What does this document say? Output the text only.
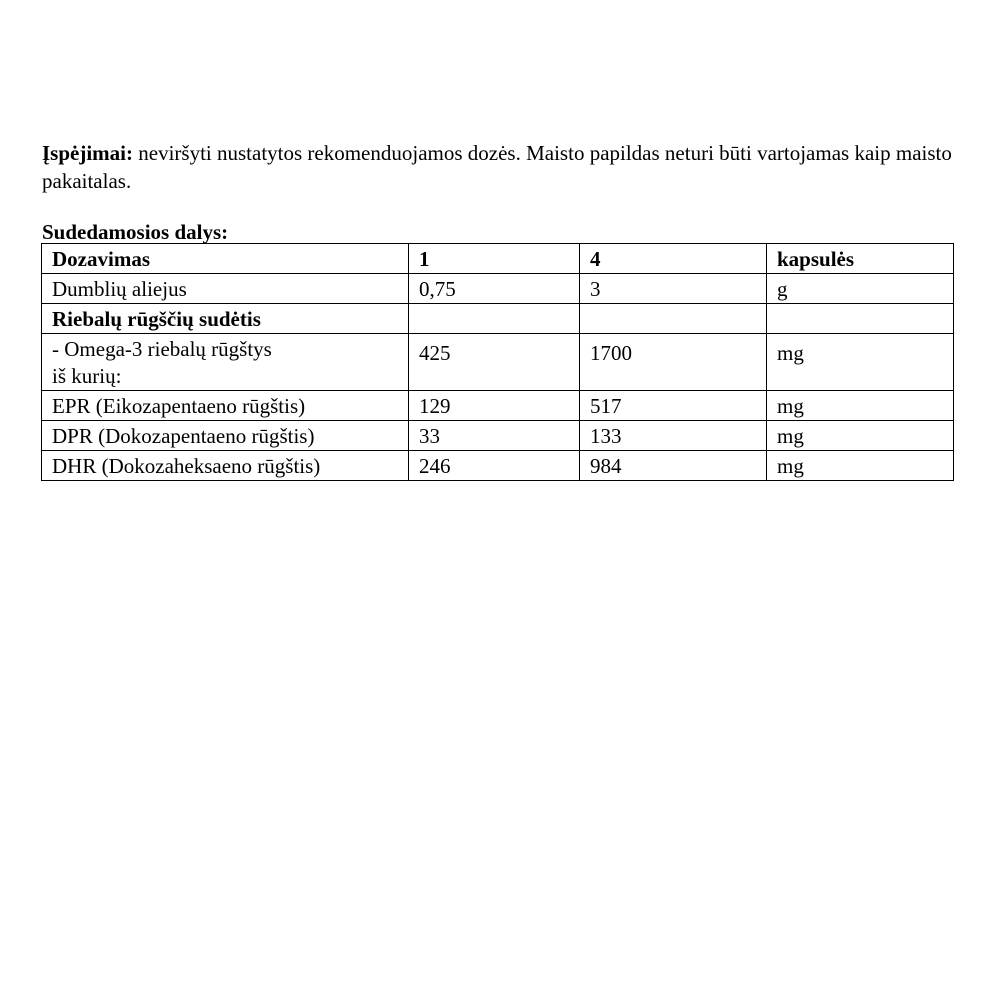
Įspėjimai: neviršyti nustatytos rekomenduojamos dozės. Maisto papildas neturi būti vartojamas kaip maisto pakaitalas.

Sudedamosios dalys:

Dozavimas	1	4	kapsulės
Dumblių aliejus	0,75	3	g
Riebalų rūgščių sudėtis			

- Omega-3 riebalų rūgštys
iš kurių:	425	1700	mg
EPR (Eikozapentaeno rūgštis)	129	517	mg
DPR (Dokozapentaeno rūgštis)	33	133	mg
DHR (Dokozaheksaeno rūgštis)	246	984	mg
